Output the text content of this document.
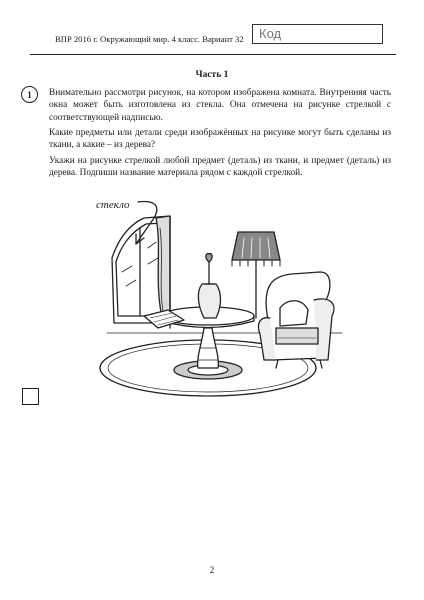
ВПР 2016 г. Окружающий мир. 4 класс. Вариант 32 Код
Часть 1
1	Внимательно рассмотри рисунок, на котором изображена комната. Внутренняя часть окна может быть изготовлена из стекла. Она отмечена на рисунке стрелкой с соответствующей надписью.

Какие предметы или детали среди изображённых на рисунке могут быть сделаны из ткани, а какие – из дерева?

Укажи на рисунке стрелкой любой предмет (деталь) из ткани, и предмет (деталь) из дерева. Подпиши название материала рядом с каждой стрелкой.

стекло
2
